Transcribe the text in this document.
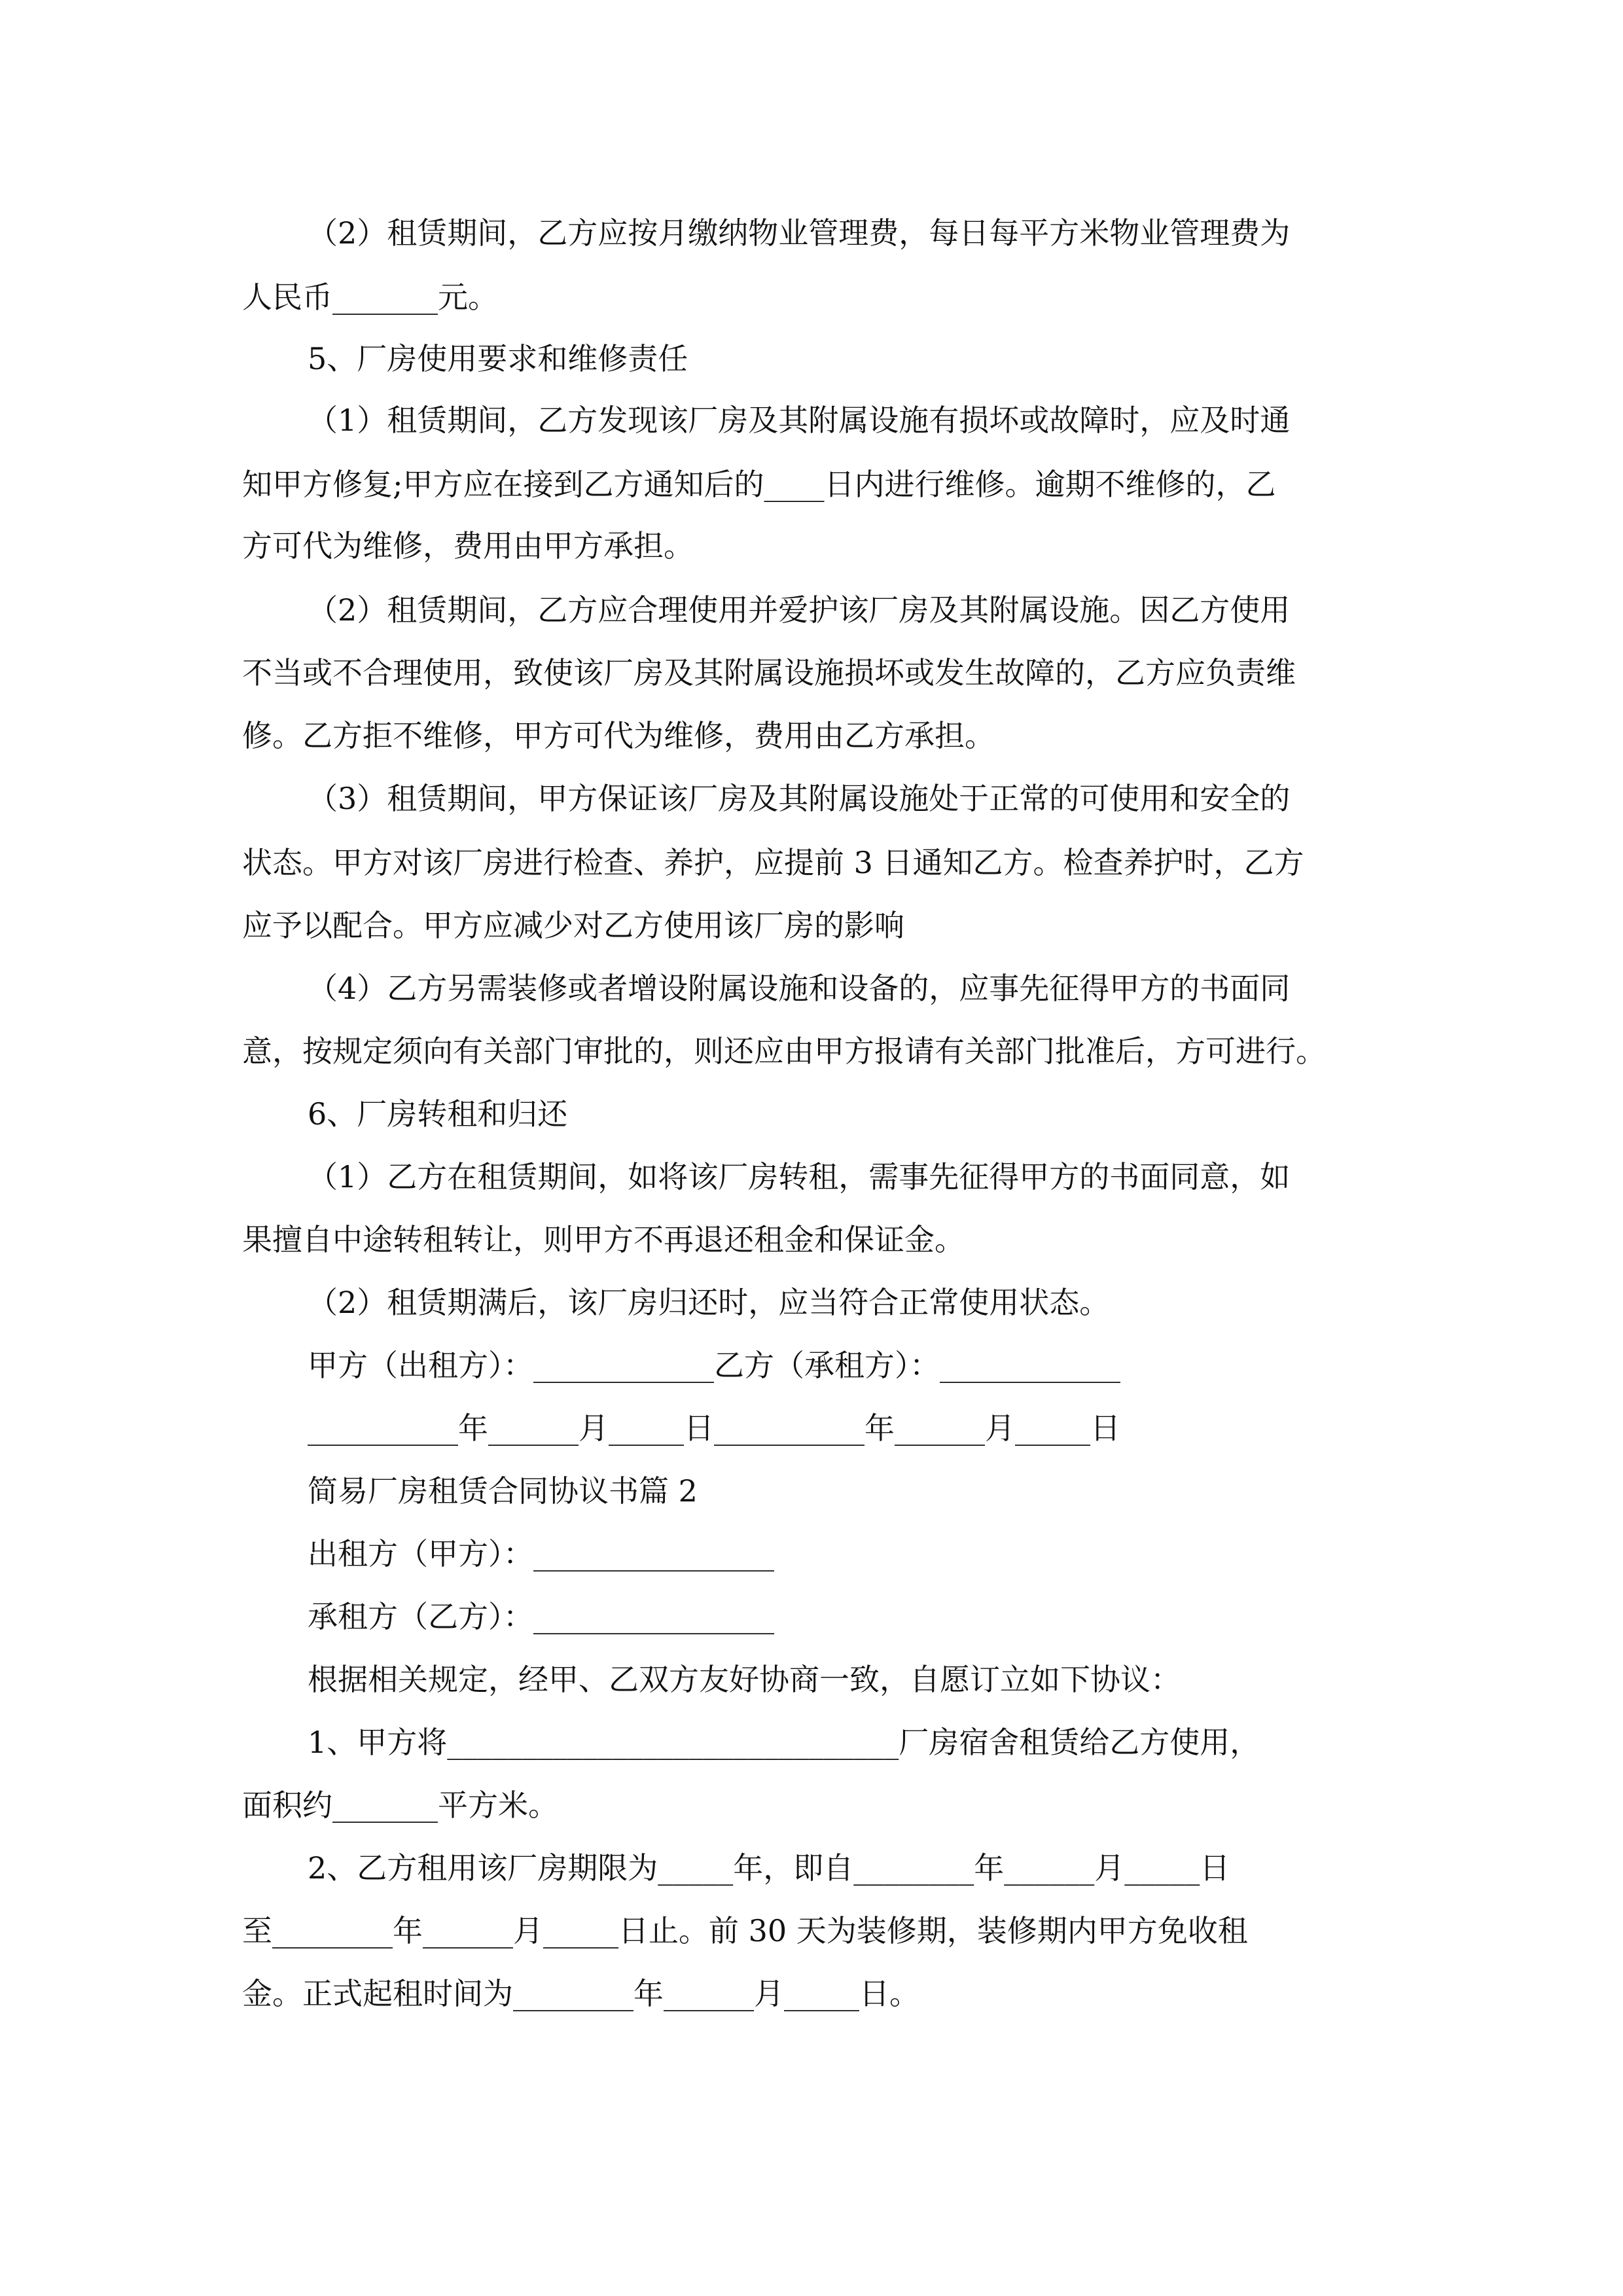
（2）租赁期间，乙方应按月缴纳物业管理费，每日每平方米物业管理费为
人民币_______元。
5、厂房使用要求和维修责任
（1）租赁期间，乙方发现该厂房及其附属设施有损坏或故障时，应及时通
知甲方修复;甲方应在接到乙方通知后的____日内进行维修。逾期不维修的，乙
方可代为维修，费用由甲方承担。
（2）租赁期间，乙方应合理使用并爱护该厂房及其附属设施。因乙方使用
不当或不合理使用，致使该厂房及其附属设施损坏或发生故障的，乙方应负责维
修。乙方拒不维修，甲方可代为维修，费用由乙方承担。
（3）租赁期间，甲方保证该厂房及其附属设施处于正常的可使用和安全的
状态。甲方对该厂房进行检查、养护，应提前 3 日通知乙方。检查养护时，乙方
应予以配合。甲方应减少对乙方使用该厂房的影响
（4）乙方另需装修或者增设附属设施和设备的，应事先征得甲方的书面同
意，按规定须向有关部门审批的，则还应由甲方报请有关部门批准后，方可进行。
6、厂房转租和归还
（1）乙方在租赁期间，如将该厂房转租，需事先征得甲方的书面同意，如
果擅自中途转租转让，则甲方不再退还租金和保证金。
（2）租赁期满后，该厂房归还时，应当符合正常使用状态。
甲方（出租方）：____________乙方（承租方）：____________
__________年______月_____日__________年______月_____日
简易厂房租赁合同协议书篇 2
出租方（甲方）：________________
承租方（乙方）：________________
根据相关规定，经甲、乙双方友好协商一致，自愿订立如下协议：
1、甲方将______________________________厂房宿舍租赁给乙方使用，
面积约_______平方米。
2、乙方租用该厂房期限为_____年，即自________年______月_____日
至________年______月_____日止。前 30 天为装修期，装修期内甲方免收租
金。正式起租时间为________年______月_____日。
